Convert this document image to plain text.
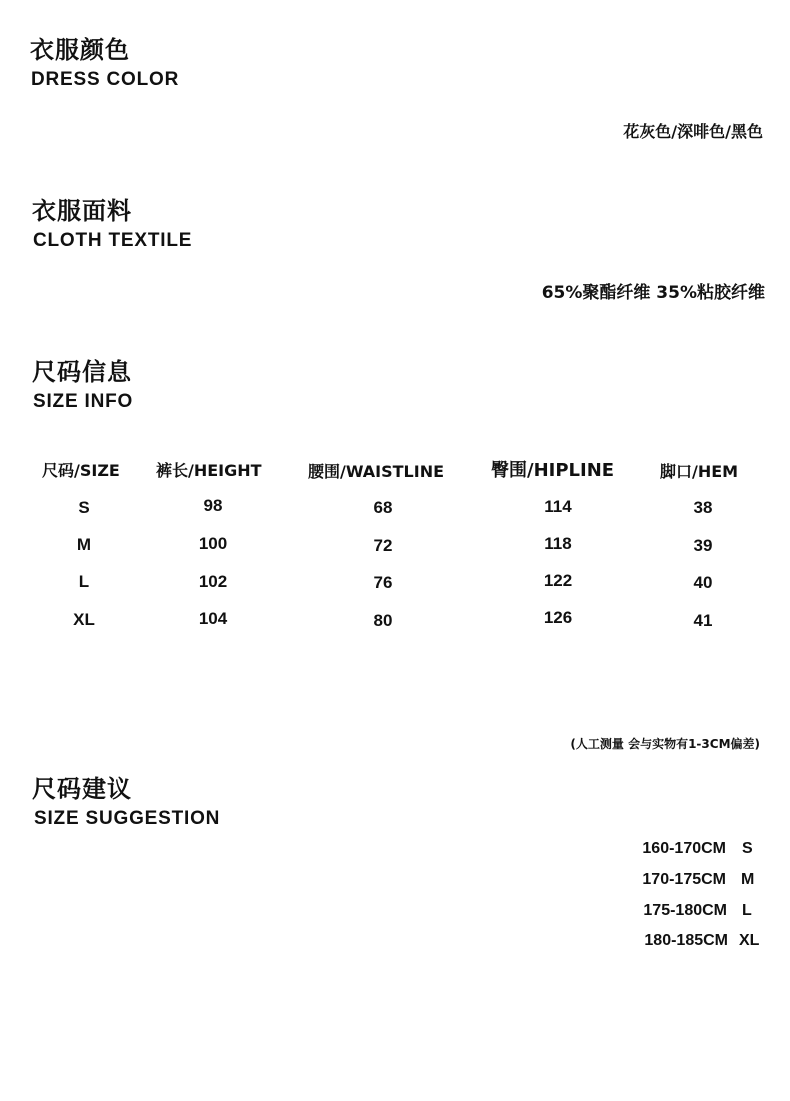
衣服颜色
DRESS COLOR
花灰色/深啡色/黑色
衣服面料
CLOTH TEXTILE
65%聚酯纤维 35%粘胶纤维
尺码信息
SIZE INFO
尺码/SIZE 裤长/HEIGHT	腰围/WAISTLINE	臀围/HIPLINE	脚口/HEM
S	98	68	114	38
M	100	72	118	39
L	102	76	122	40
XL	104	80	126	41
(人工测量 会与实物有1-3CM偏差)
尺码建议
SIZE SUGGESTION
160-170CM S
170-175CM M
175-180CM L
180-185CM XL
